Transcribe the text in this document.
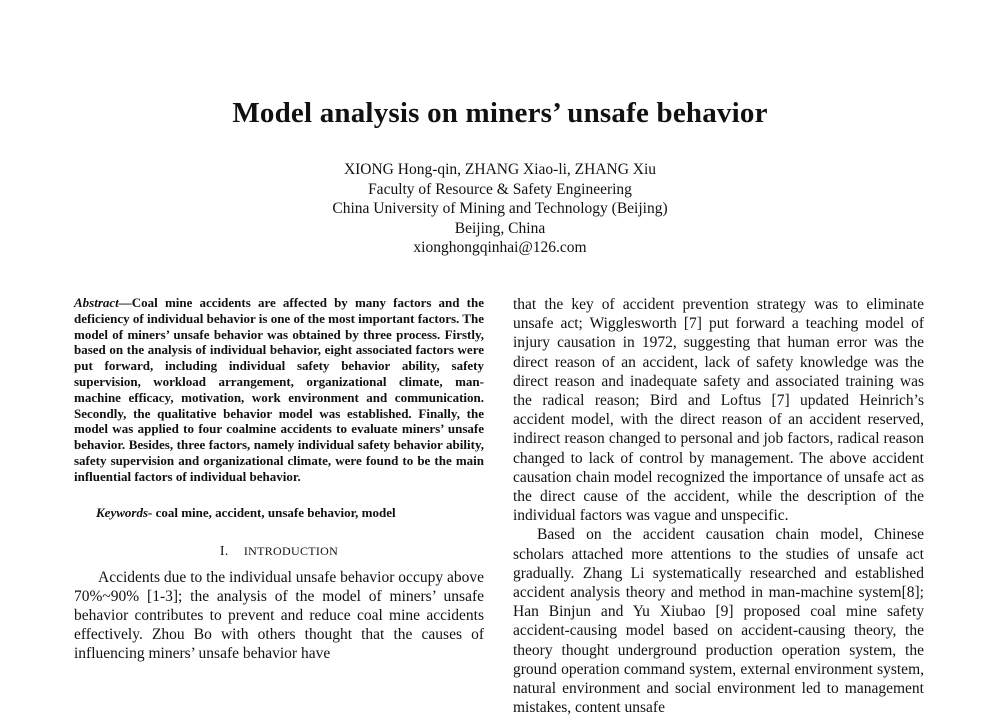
Model analysis on miners’ unsafe behavior
XIONG Hong-qin, ZHANG Xiao-li, ZHANG Xiu
Faculty of Resource & Safety Engineering
China University of Mining and Technology (Beijing)
Beijing, China
xionghongqinhai@126.com

Abstract—Coal mine accidents are affected by many factors and the deficiency of individual behavior is one of the most important factors. The model of miners’ unsafe behavior was obtained by three process. Firstly, based on the analysis of individual behavior, eight associated factors were put forward, including individual safety behavior ability, safety supervision, workload arrangement, organizational climate, man-machine efficacy, motivation, work environment and communication. Secondly, the qualitative behavior model was established. Finally, the model was applied to four coalmine accidents to evaluate miners’ unsafe behavior. Besides, three factors, namely individual safety behavior ability, safety supervision and organizational climate, were found to be the main influential factors of individual behavior.

Keywords- coal mine, accident, unsafe behavior, model
I. INTRODUCTION
Accidents due to the individual unsafe behavior occupy above 70%~90% [1-3]; the analysis of the model of miners’ unsafe behavior contributes to prevent and reduce coal mine accidents effectively. Zhou Bo with others thought that the causes of influencing miners’ unsafe behavior have

that the key of accident prevention strategy was to eliminate unsafe act; Wigglesworth [7] put forward a teaching model of injury causation in 1972, suggesting that human error was the direct reason of an accident, lack of safety knowledge was the direct reason and inadequate safety and associated training was the radical reason; Bird and Loftus [7] updated Heinrich’s accident model, with the direct reason of an accident reserved, indirect reason changed to personal and job factors, radical reason changed to lack of control by management. The above accident causation chain model recognized the importance of unsafe act as the direct cause of the accident, while the description of the individual factors was vague and unspecific.

Based on the accident causation chain model, Chinese scholars attached more attentions to the studies of unsafe act gradually. Zhang Li systematically researched and established accident analysis theory and method in man-machine system[8]; Han Binjun and Yu Xiubao [9] proposed coal mine safety accident-causing model based on accident-causing theory, the theory thought underground production operation system, the ground operation command system, external environment system, natural environment and social environment led to management mistakes, content unsafe
